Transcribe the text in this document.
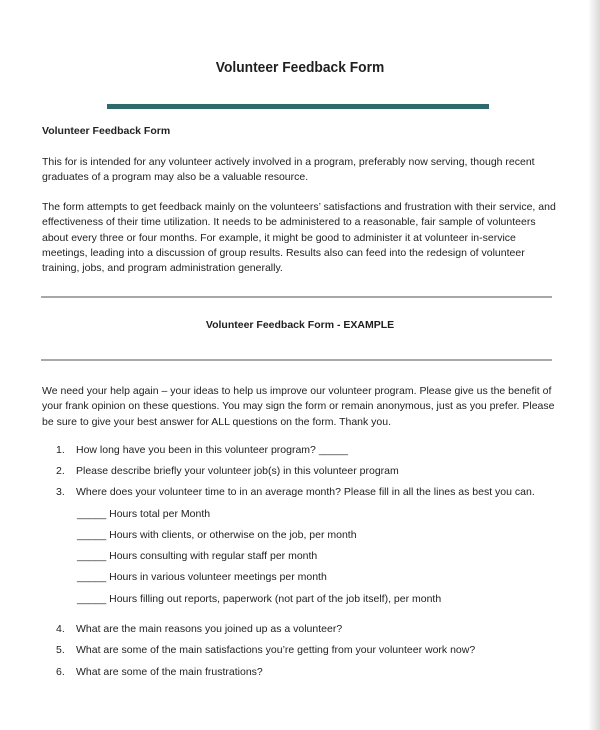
Volunteer Feedback Form
Volunteer Feedback Form
This for is intended for any volunteer actively involved in a program, preferably now serving, though recent graduates of a program may also be a valuable resource.
The form attempts to get feedback mainly on the volunteers’ satisfactions and frustration with their service, and effectiveness of their time utilization. It needs to be administered to a reasonable, fair sample of volunteers about every three or four months. For example, it might be good to administer it at volunteer in-service meetings, leading into a discussion of group results. Results also can feed into the redesign of volunteer training, jobs, and program administration generally.
Volunteer Feedback Form - EXAMPLE
We need your help again – your ideas to help us improve our volunteer program. Please give us the benefit of your frank opinion on these questions. You may sign the form or remain anonymous, just as you prefer. Please be sure to give your best answer for ALL questions on the form. Thank you.
1. How long have you been in this volunteer program? _____
2. Please describe briefly your volunteer job(s) in this volunteer program
3. Where does your volunteer time to in an average month? Please fill in all the lines as best you can.
_____ Hours total per Month
_____ Hours with clients, or otherwise on the job, per month
_____ Hours consulting with regular staff per month
_____ Hours in various volunteer meetings per month
_____ Hours filling out reports, paperwork (not part of the job itself), per month
4. What are the main reasons you joined up as a volunteer?
5. What are some of the main satisfactions you’re getting from your volunteer work now?
6. What are some of the main frustrations?
